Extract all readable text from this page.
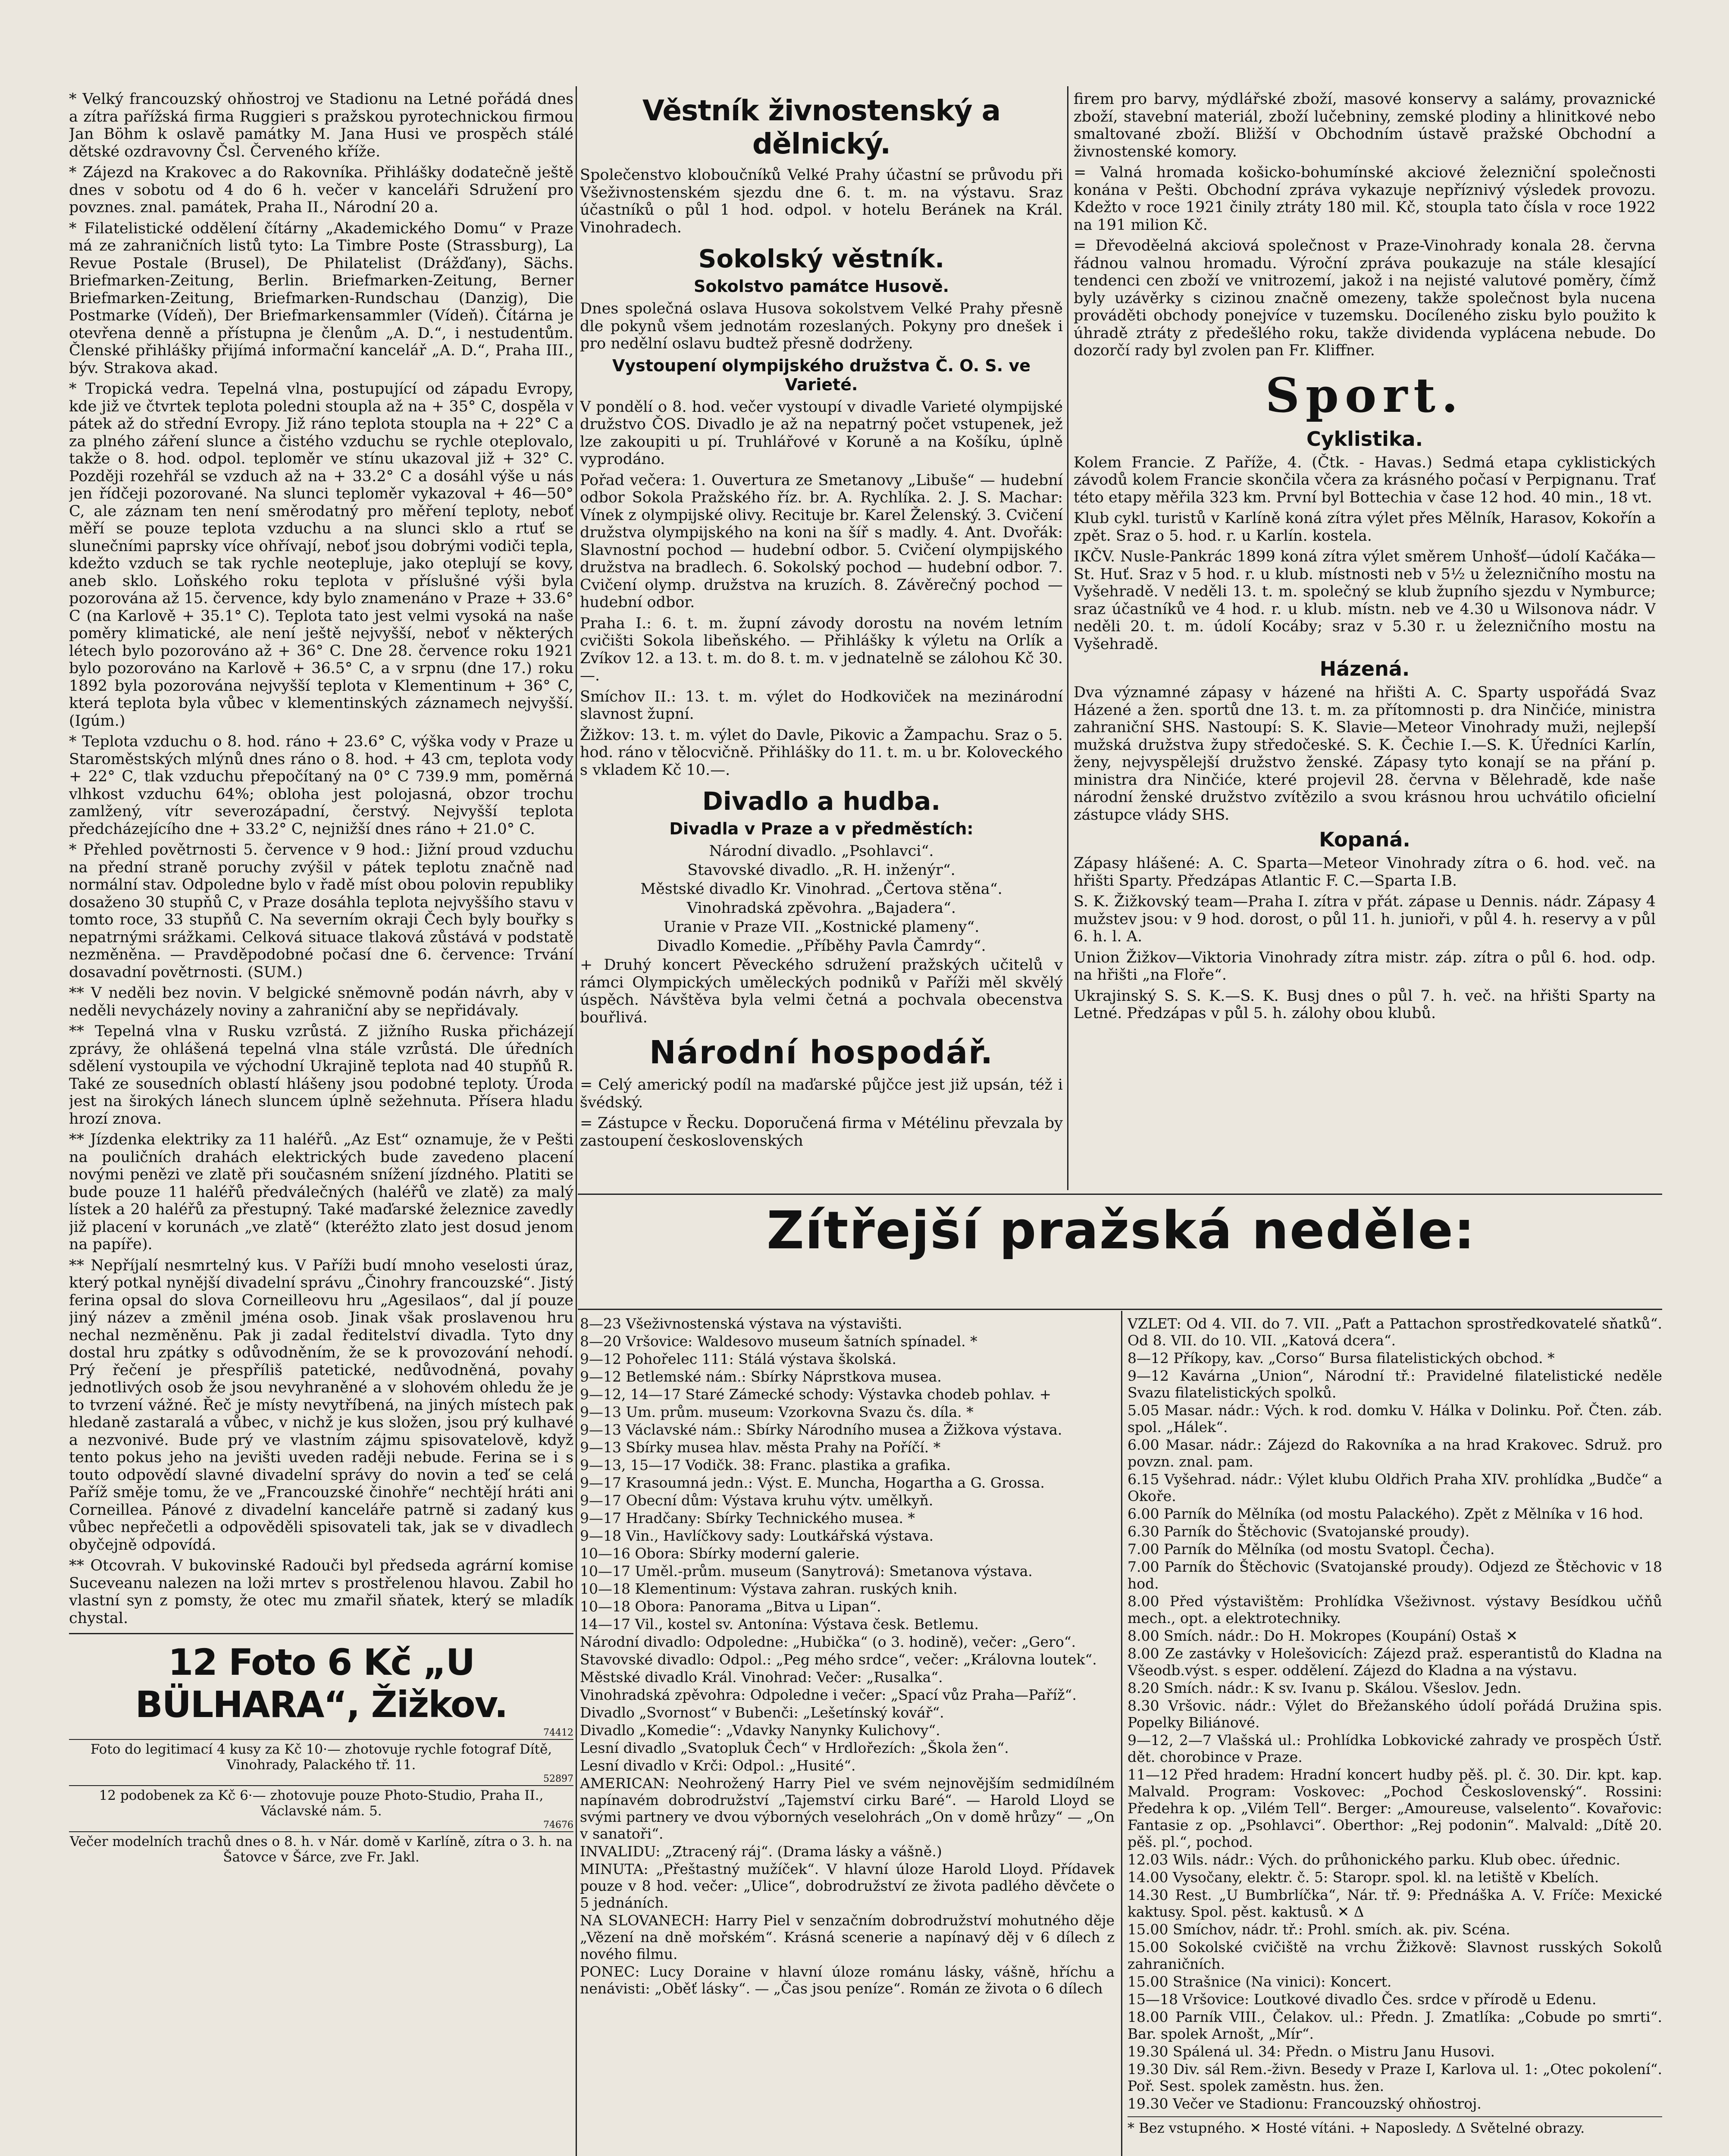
* Velký francouzský ohňostroj ve Stadionu na Letné pořádá dnes a zítra pařížská firma Ruggieri s pražskou pyrotechnickou firmou Jan Böhm k oslavě památky M. Jana Husi ve prospěch stálé dětské ozdravovny Čsl. Červeného kříže.

* Zájezd na Krakovec a do Rakovníka. Přihlášky dodatečně ještě dnes v sobotu od 4 do 6 h. večer v kanceláři Sdružení pro povznes. znal. památek, Praha II., Národní 20 a.

* Filatelistické oddělení čítárny „Akademického Domu“ v Praze má ze zahraničních listů tyto: La Timbre Poste (Strassburg), La Revue Postale (Brusel), De Philatelist (Drážďany), Sächs. Briefmarken-Zeitung, Berlin. Briefmarken-Zeitung, Berner Briefmarken-Zeitung, Briefmarken-Rundschau (Danzig), Die Postmarke (Vídeň), Der Briefmarkensammler (Vídeň). Čítárna je otevřena denně a přístupna je členům „A. D.“, i nestudentům. Členské přihlášky přijímá informační kancelář „A. D.“, Praha III., býv. Strakova akad.

* Tropická vedra. Tepelná vlna, postupující od západu Evropy, kde již ve čtvrtek teplota poledni stoupla až na + 35° C, dospěla v pátek až do střední Evropy. Již ráno teplota stoupla na + 22° C a za plného záření slunce a čistého vzduchu se rychle oteplovalo, takže o 8. hod. odpol. teploměr ve stínu ukazoval již + 32° C. Později rozehřál se vzduch až na + 33.2° C a dosáhl výše u nás jen řídčeji pozorované. Na slunci teploměr vykazoval + 46—50° C, ale záznam ten není směrodatný pro měření teploty, neboť měří se pouze teplota vzduchu a na slunci sklo a rtuť se slunečními paprsky více ohřívají, neboť jsou dobrými vodiči tepla, kdežto vzduch se tak rychle neotepluje, jako oteplují se kovy, aneb sklo. Loňského roku teplota v příslušné výši byla pozorována až 15. července, kdy bylo znamenáno v Praze + 33.6° C (na Karlově + 35.1° C). Teplota tato jest velmi vysoká na naše poměry klimatické, ale není ještě nejvyšší, neboť v některých létech bylo pozorováno až + 36° C. Dne 28. července roku 1921 bylo pozorováno na Karlově + 36.5° C, a v srpnu (dne 17.) roku 1892 byla pozorována nejvyšší teplota v Klementinum + 36° C, která teplota byla vůbec v klementinských záznamech nejvyšší. (Igúm.)

* Teplota vzduchu o 8. hod. ráno + 23.6° C, výška vody v Praze u Staroměstských mlýnů dnes ráno o 8. hod. + 43 cm, teplota vody + 22° C, tlak vzduchu přepočítaný na 0° C 739.9 mm, poměrná vlhkost vzduchu 64%; obloha jest polojasná, obzor trochu zamlžený, vítr severozápadní, čerstvý. Nejvyšší teplota předcházejícího dne + 33.2° C, nejnižší dnes ráno + 21.0° C.

* Přehled povětrnosti 5. července v 9 hod.: Jižní proud vzduchu na přední straně poruchy zvýšil v pátek teplotu značně nad normální stav. Odpoledne bylo v řadě míst obou polovin republiky dosaženo 30 stupňů C, v Praze dosáhla teplota nejvyššího stavu v tomto roce, 33 stupňů C. Na severním okraji Čech byly bouřky s nepatrnými srážkami. Celková situace tlaková zůstává v podstatě nezměněna. — Pravděpodobné počasí dne 6. července: Trvání dosavadní povětrnosti. (SUM.)

** V neděli bez novin. V belgické sněmovně podán návrh, aby v neděli nevycházely noviny a zahraniční aby se nepřidávaly.

** Tepelná vlna v Rusku vzrůstá. Z jižního Ruska přicházejí zprávy, že ohlášená tepelná vlna stále vzrůstá. Dle úředních sdělení vystoupila ve východní Ukrajině teplota nad 40 stupňů R. Také ze sousedních oblastí hlášeny jsou podobné teploty. Úroda jest na širokých lánech sluncem úplně sežehnuta. Přísera hladu hrozí znova.

** Jízdenka elektriky za 11 haléřů. „Az Est“ oznamuje, že v Pešti na pouličních drahách elektrických bude zavedeno placení novými penězi ve zlatě při současném snížení jízdného. Platiti se bude pouze 11 haléřů předválečných (haléřů ve zlatě) za malý lístek a 20 haléřů za přestupný. Také maďarské železnice zavedly již placení v korunách „ve zlatě“ (kteréžto zlato jest dosud jenom na papíře).

** Nepříjalí nesmrtelný kus. V Paříži budí mnoho veselosti úraz, který potkal nynější divadelní správu „Činohry francouzské“. Jistý ferina opsal do slova Corneilleovu hru „Agesilaos“, dal jí pouze jiný název a změnil jména osob. Jinak však proslavenou hru nechal nezměněnu. Pak ji zadal ředitelství divadla. Tyto dny dostal hru zpátky s odůvodněním, že se k provozování nehodí. Prý řečení je přespříliš patetické, nedůvodněná, povahy jednotlivých osob že jsou nevyhraněné a v slohovém ohledu že je to tvrzení vážné. Řeč je místy nevytříbená, na jiných místech pak hledaně zastaralá a vůbec, v nichž je kus složen, jsou prý kulhavé a nezvonivé. Bude prý ve vlastním zájmu spisovatelově, když tento pokus jeho na jevišti uveden raději nebude. Ferina se i s touto odpovědí slavné divadelní správy do novin a teď se celá Paříž směje tomu, že ve „Francouzské činohře“ nechtějí hráti ani Corneillea. Pánové z divadelní kanceláře patrně si zadaný kus vůbec nepřečetli a odpověděli spisovateli tak, jak se v divadlech obyčejně odpovídá.

** Otcovrah. V bukovinské Radouči byl předseda agrární komise Suceveanu nalezen na loži mrtev s prostřelenou hlavou. Zabil ho vlastní syn z pomsty, že otec mu zmařil sňatek, který se mladík chystal.

12 Foto 6 Kč „U BÜLHARA“, Žižkov.
74412
Foto do legitimací 4 kusy za Kč 10·— zhotovuje rychle fotograf Dítě, Vinohrady, Palackého tř. 11.
52897
12 podobenek za Kč 6·— zhotovuje pouze Photo-Studio, Praha II., Václavské nám. 5.
74676
Večer modelních trachů dnes o 8. h. v Nár. domě v Karlíně, zítra o 3. h. na Šatovce v Šárce, zve Fr. Jakl.
Věstník živnostenský a dělnický.

Společenstvo kloboučníků Velké Prahy účastní se průvodu při Všeživnostenském sjezdu dne 6. t. m. na výstavu. Sraz účastníků o půl 1 hod. odpol. v hotelu Beránek na Král. Vinohradech.

Sokolský věstník.
Sokolstvo památce Husově.

Dnes společná oslava Husova sokolstvem Velké Prahy přesně dle pokynů všem jednotám rozeslaných. Pokyny pro dnešek i pro nedělní oslavu budtež přesně dodrženy.

Vystoupení olympijského družstva Č. O. S. ve Varieté.

V pondělí o 8. hod. večer vystoupí v divadle Varieté olympijské družstvo ČOS. Divadlo je až na nepatrný počet vstupenek, jež lze zakoupiti u pí. Truhlářové v Koruně a na Košíku, úplně vyprodáno.

Pořad večera: 1. Ouvertura ze Smetanovy „Libuše“ — hudební odbor Sokola Pražského říz. br. A. Rychlíka. 2. J. S. Machar: Vínek z olympijské olivy. Recituje br. Karel Želenský. 3. Cvičení družstva olympijského na koni na šíř s madly. 4. Ant. Dvořák: Slavnostní pochod — hudební odbor. 5. Cvičení olympijského družstva na bradlech. 6. Sokolský pochod — hudební odbor. 7. Cvičení olymp. družstva na kruzích. 8. Závěrečný pochod — hudební odbor.

Praha I.: 6. t. m. župní závody dorostu na novém letním cvičišti Sokola libeňského. — Přihlášky k výletu na Orlík a Zvíkov 12. a 13. t. m. do 8. t. m. v jednatelně se zálohou Kč 30.—.

Smíchov II.: 13. t. m. výlet do Hodkoviček na mezinárodní slavnost župní.

Žižkov: 13. t. m. výlet do Davle, Pikovic a Žampachu. Sraz o 5. hod. ráno v tělocvičně. Přihlášky do 11. t. m. u br. Koloveckého s vkladem Kč 10.—.

Divadlo a hudba.
Divadla v Praze a v předměstích:
Národní divadlo. „Psohlavci“.
Stavovské divadlo. „R. H. inženýr“.
Městské divadlo Kr. Vinohrad. „Čertova stěna“.
Vinohradská zpěvohra. „Bajadera“.
Uranie v Praze VII. „Kostnické plameny“.
Divadlo Komedie. „Příběhy Pavla Čamrdy“.

+ Druhý koncert Pěveckého sdružení pražských učitelů v rámci Olympických uměleckých podniků v Paříži měl skvělý úspěch. Návštěva byla velmi četná a pochvala obecenstva bouřlivá.

Národní hospodář.

= Celý americký podíl na maďarské půjčce jest již upsán, též i švédský.

= Zástupce v Řecku. Doporučená firma v Métélinu převzala by zastoupení československých

firem pro barvy, mýdlářské zboží, masové konservy a salámy, provaznické zboží, stavební materiál, zboží lučebniny, zemské plodiny a hlinitkové nebo smaltované zboží. Bližší v Obchodním ústavě pražské Obchodní a živnostenské komory.

= Valná hromada košicko-bohumínské akciové železniční společnosti konána v Pešti. Obchodní zpráva vykazuje nepříznivý výsledek provozu. Kdežto v roce 1921 činily ztráty 180 mil. Kč, stoupla tato čísla v roce 1922 na 191 milion Kč.

= Dřevoděelná akciová společnost v Praze-Vinohrady konala 28. června řádnou valnou hromadu. Výroční zpráva poukazuje na stále klesající tendenci cen zboží ve vnitrozemí, jakož i na nejisté valutové poměry, čímž byly uzávěrky s cizinou značně omezeny, takže společnost byla nucena prováděti obchody ponejvíce v tuzemsku. Docíleného zisku bylo použito k úhradě ztráty z předešlého roku, takže dividenda vyplácena nebude. Do dozorčí rady byl zvolen pan Fr. Kliffner.

Sport.
Cyklistika.

Kolem Francie. Z Paříže, 4. (Čtk. - Havas.) Sedmá etapa cyklistických závodů kolem Francie skončila včera za krásného počasí v Perpignanu. Trať této etapy měřila 323 km. První byl Bottechia v čase 12 hod. 40 min., 18 vt.

Klub cykl. turistů v Karlíně koná zítra výlet přes Mělník, Harasov, Kokořín a zpět. Sraz o 5. hod. r. u Karlín. kostela.

IKČV. Nusle-Pankrác 1899 koná zítra výlet směrem Unhošť—údolí Kačáka—St. Huť. Sraz v 5 hod. r. u klub. místnosti neb v 5½ u železničního mostu na Vyšehradě. V neděli 13. t. m. společný se klub župního sjezdu v Nymburce; sraz účastníků ve 4 hod. r. u klub. místn. neb ve 4.30 u Wilsonova nádr. V neděli 20. t. m. údolí Kocáby; sraz v 5.30 r. u železničního mostu na Vyšehradě.

Házená.

Dva významné zápasy v házené na hřišti A. C. Sparty uspořádá Svaz Házené a žen. sportů dne 13. t. m. za přítomnosti p. dra Ninčiće, ministra zahraniční SHS. Nastoupí: S. K. Slavie—Meteor Vinohrady muži, nejlepší mužská družstva župy středočeské. S. K. Čechie I.—S. K. Úředníci Karlín, ženy, nejvyspělejší družstvo ženské. Zápasy tyto konají se na přání p. ministra dra Ninčiće, které projevil 28. června v Bělehradě, kde naše národní ženské družstvo zvítězilo a svou krásnou hrou uchvátilo oficielní zástupce vlády SHS.

Kopaná.

Zápasy hlášené: A. C. Sparta—Meteor Vinohrady zítra o 6. hod. več. na hřišti Sparty. Předzápas Atlantic F. C.—Sparta I.B.

S. K. Žižkovský team—Praha I. zítra v přát. zápase u Dennis. nádr. Zápasy 4 mužstev jsou: v 9 hod. dorost, o půl 11. h. junioři, v půl 4. h. reservy a v půl 6. h. l. A.

Union Žižkov—Viktoria Vinohrady zítra mistr. záp. zítra o půl 6. hod. odp. na hřišti „na Floře“.

Ukrajinský S. S. K.—S. K. Busj dnes o půl 7. h. več. na hřišti Sparty na Letné. Předzápas v půl 5. h. zálohy obou klubů.

Zítřejší pražská neděle:

8—23 Všeživnostenská výstava na výstavišti.

8—20 Vršovice: Waldesovo museum šatních spínadel. *

9—12 Pohořelec 111: Stálá výstava školská.

9—12 Betlemské nám.: Sbírky Náprstkova musea.

9—12, 14—17 Staré Zámecké schody: Výstavka chodeb pohlav. +

9—13 Um. prům. museum: Vzorkovna Svazu čs. díla. *

9—13 Václavské nám.: Sbírky Národního musea a Žižkova výstava.

9—13 Sbírky musea hlav. města Prahy na Poříčí. *

9—13, 15—17 Vodičk. 38: Franc. plastika a grafika.

9—17 Krasoumná jedn.: Výst. E. Muncha, Hogartha a G. Grossa.

9—17 Obecní dům: Výstava kruhu výtv. umělkyň.

9—17 Hradčany: Sbírky Technického musea. *

9—18 Vin., Havlíčkovy sady: Loutkářská výstava.

10—16 Obora: Sbírky moderní galerie.

10—17 Uměl.-prům. museum (Sanytrová): Smetanova výstava.

10—18 Klementinum: Výstava zahran. ruských knih.

10—18 Obora: Panorama „Bitva u Lipan“.

14—17 Vil., kostel sv. Antonína: Výstava česk. Betlemu.

Národní divadlo: Odpoledne: „Hubička“ (o 3. hodině), večer: „Gero“.

Stavovské divadlo: Odpol.: „Peg mého srdce“, večer: „Královna loutek“.

Městské divadlo Král. Vinohrad: Večer: „Rusalka“.

Vinohradská zpěvohra: Odpoledne i večer: „Spací vůz Praha—Paříž“.

Divadlo „Svornost“ v Bubenči: „Lešetínský kovář“.

Divadlo „Komedie“: „Vdavky Nanynky Kulichovy“.

Lesní divadlo „Svatopluk Čech“ v Hrdlořezích: „Škola žen“.

Lesní divadlo v Krči: Odpol.: „Husité“.

AMERICAN: Neohrožený Harry Piel ve svém nejnovějším sedmidílném napínavém dobrodružství „Tajemství cirku Baré“. — Harold Lloyd se svými partnery ve dvou výborných veselohrách „On v domě hrůzy“ — „On v sanatoři“.

INVALIDU: „Ztracený ráj“. (Drama lásky a vášně.)

MINUTA: „Přeštastný mužíček“. V hlavní úloze Harold Lloyd. Přídavek pouze v 8 hod. večer: „Ulice“, dobrodružství ze života padlého děvčete o 5 jednáních.

NA SLOVANECH: Harry Piel v senzačním dobrodružství mohutného děje „Vězení na dně mořském“. Krásná scenerie a napínavý děj v 6 dílech z nového filmu.

PONEC: Lucy Doraine v hlavní úloze románu lásky, vášně, hříchu a nenávisti: „Oběť lásky“. — „Čas jsou peníze“. Román ze života o 6 dílech

VZLET: Od 4. VII. do 7. VII. „Paťt a Pattachon sprostředkovatelé sňatků“. Od 8. VII. do 10. VII. „Katová dcera“.

8—12 Příkopy, kav. „Corso“ Bursa filatelistických obchod. *

9—12 Kavárna „Union“, Národní tř.: Pravidelné filatelistické neděle Svazu filatelistických spolků.

5.05 Masar. nádr.: Vých. k rod. domku V. Hálka v Dolinku. Poř. Čten. záb. spol. „Hálek“.

6.00 Masar. nádr.: Zájezd do Rakovníka a na hrad Krakovec. Sdruž. pro povzn. znal. pam.

6.15 Vyšehrad. nádr.: Výlet klubu Oldřich Praha XIV. prohlídka „Budče“ a Okoře.

6.00 Parník do Mělníka (od mostu Palackého). Zpět z Mělníka v 16 hod.

6.30 Parník do Štěchovic (Svatojanské proudy).

7.00 Parník do Mělníka (od mostu Svatopl. Čecha).

7.00 Parník do Štěchovic (Svatojanské proudy). Odjezd ze Štěchovic v 18 hod.

8.00 Před výstavištěm: Prohlídka Všeživnost. výstavy Besídkou učňů mech., opt. a elektrotechniky.

8.00 Smích. nádr.: Do H. Mokropes (Koupání) Ostaš ✕

8.00 Ze zastávky v Holešovicích: Zájezd praž. esperantistů do Kladna na Všeodb.výst. s esper. oddělení. Zájezd do Kladna a na výstavu.

8.20 Smích. nádr.: K sv. Ivanu p. Skálou. Všeslov. Jedn.

8.30 Vršovic. nádr.: Výlet do Břežanského údolí pořádá Družina spis. Popelky Biliánové.

9—12, 2—7 Vlašská ul.: Prohlídka Lobkovické zahrady ve prospěch Ústř. dět. chorobince v Praze.

11—12 Před hradem: Hradní koncert hudby pěš. pl. č. 30. Dir. kpt. kap. Malvald. Program: Voskovec: „Pochod Československý“. Rossini: Předehra k op. „Vilém Tell“. Berger: „Amoureuse, valselento“. Kovařovic: Fantasie z op. „Psohlavci“. Oberthor: „Rej podonin“. Malvald: „Dítě 20. pěš. pl.“, pochod.

12.03 Wils. nádr.: Vých. do průhonického parku. Klub obec. úřednic.

14.00 Vysočany, elektr. č. 5: Staropr. spol. kl. na letiště v Kbelích.

14.30 Rest. „U Bumbrlíčka“, Nár. tř. 9: Přednáška A. V. Fríče: Mexické kaktusy. Spol. pěst. kaktusů. ✕ Δ

15.00 Smíchov, nádr. tř.: Prohl. smích. ak. piv. Scéna.

15.00 Sokolské cvičiště na vrchu Žižkově: Slavnost rusských Sokolů zahraničních.

15.00 Strašnice (Na vinici): Koncert.

15—18 Vršovice: Loutkové divadlo Čes. srdce v přírodě u Edenu.

18.00 Parník VIII., Čelakov. ul.: Předn. J. Zmatlíka: „Cobude po smrti“. Bar. spolek Arnošt, „Mír“.

19.30 Spálená ul. 34: Předn. o Mistru Janu Husovi.

19.30 Div. sál Rem.-živn. Besedy v Praze I, Karlova ul. 1: „Otec pokolení“. Poř. Sest. spolek zaměstn. hus. žen.

19.30 Večer ve Stadionu: Francouzský ohňostroj.

* Bez vstupného. ✕ Hosté vítáni. + Naposledy. Δ Světelné obrazy.
